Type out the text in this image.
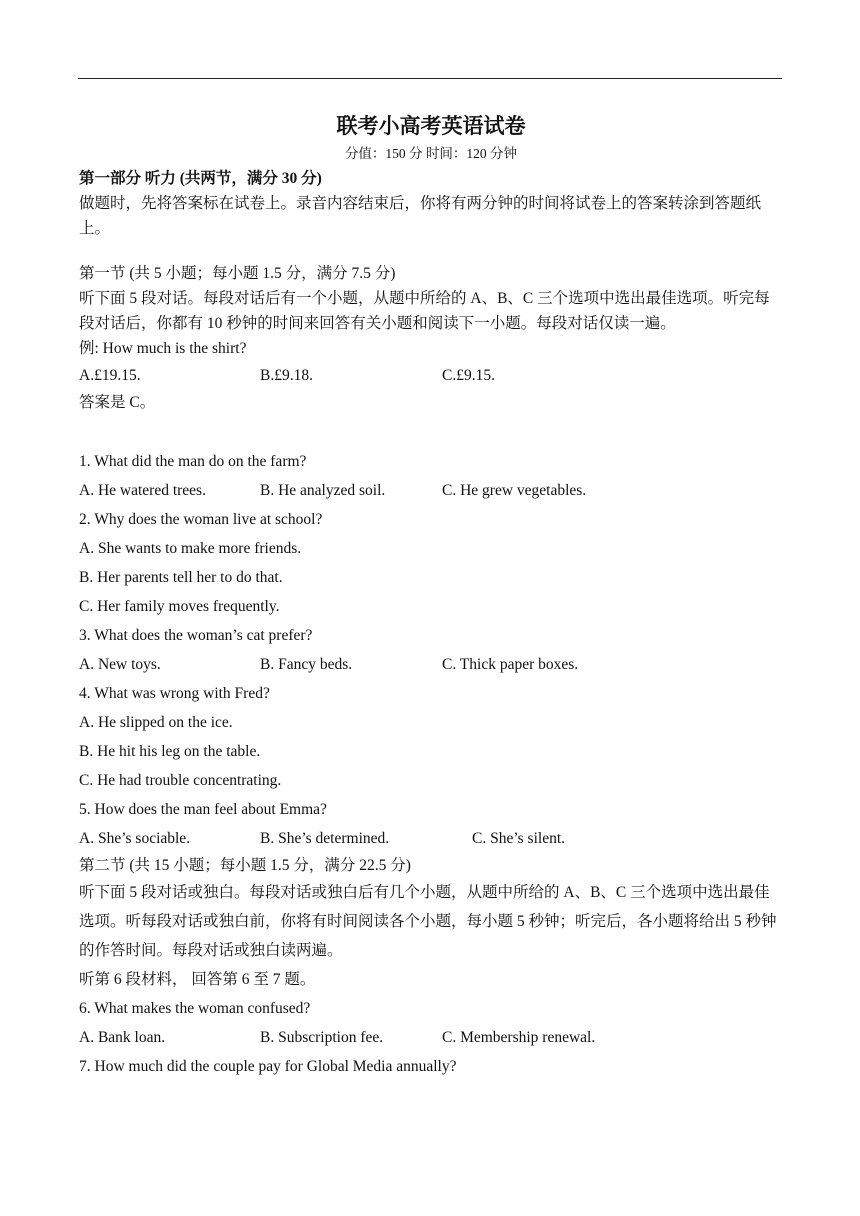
联考小高考英语试卷
分值：150 分 时间：120 分钟
第一部分 听力 (共两节，满分 30 分)
做题时，先将答案标在试卷上。录音内容结束后，你将有两分钟的时间将试卷上的答案转涂到答题纸上。
第一节 (共 5 小题；每小题 1.5 分，满分 7.5 分)
听下面 5 段对话。每段对话后有一个小题，从题中所给的 A、B、C 三个选项中选出最佳选项。听完每段对话后，你都有 10 秒钟的时间来回答有关小题和阅读下一小题。每段对话仅读一遍。
例: How much is the shirt?
A.£19.15.	B.£9.18.	C.£9.15.
答案是 C。
1. What did the man do on the farm?
A. He watered trees.	B. He analyzed soil.	C. He grew vegetables.
2. Why does the woman live at school?
A. She wants to make more friends.
B. Her parents tell her to do that.
C. Her family moves frequently.
3. What does the woman’s cat prefer?
A. New toys.	B. Fancy beds.	C. Thick paper boxes.
4. What was wrong with Fred?
A. He slipped on the ice.
B. He hit his leg on the table.
C. He had trouble concentrating.
5. How does the man feel about Emma?
A. She’s sociable.	B. She’s determined.	C. She’s silent.
第二节 (共 15 小题；每小题 1.5 分，满分 22.5 分)
听下面 5 段对话或独白。每段对话或独白后有几个小题，从题中所给的 A、B、C 三个选项中选出最佳选项。听每段对话或独白前，你将有时间阅读各个小题，每小题 5 秒钟；听完后，各小题将给出 5 秒钟的作答时间。每段对话或独白读两遍。
听第 6 段材料， 回答第 6 至 7 题。
6. What makes the woman confused?
A. Bank loan.	B. Subscription fee.	C. Membership renewal.
7. How much did the couple pay for Global Media annually?
